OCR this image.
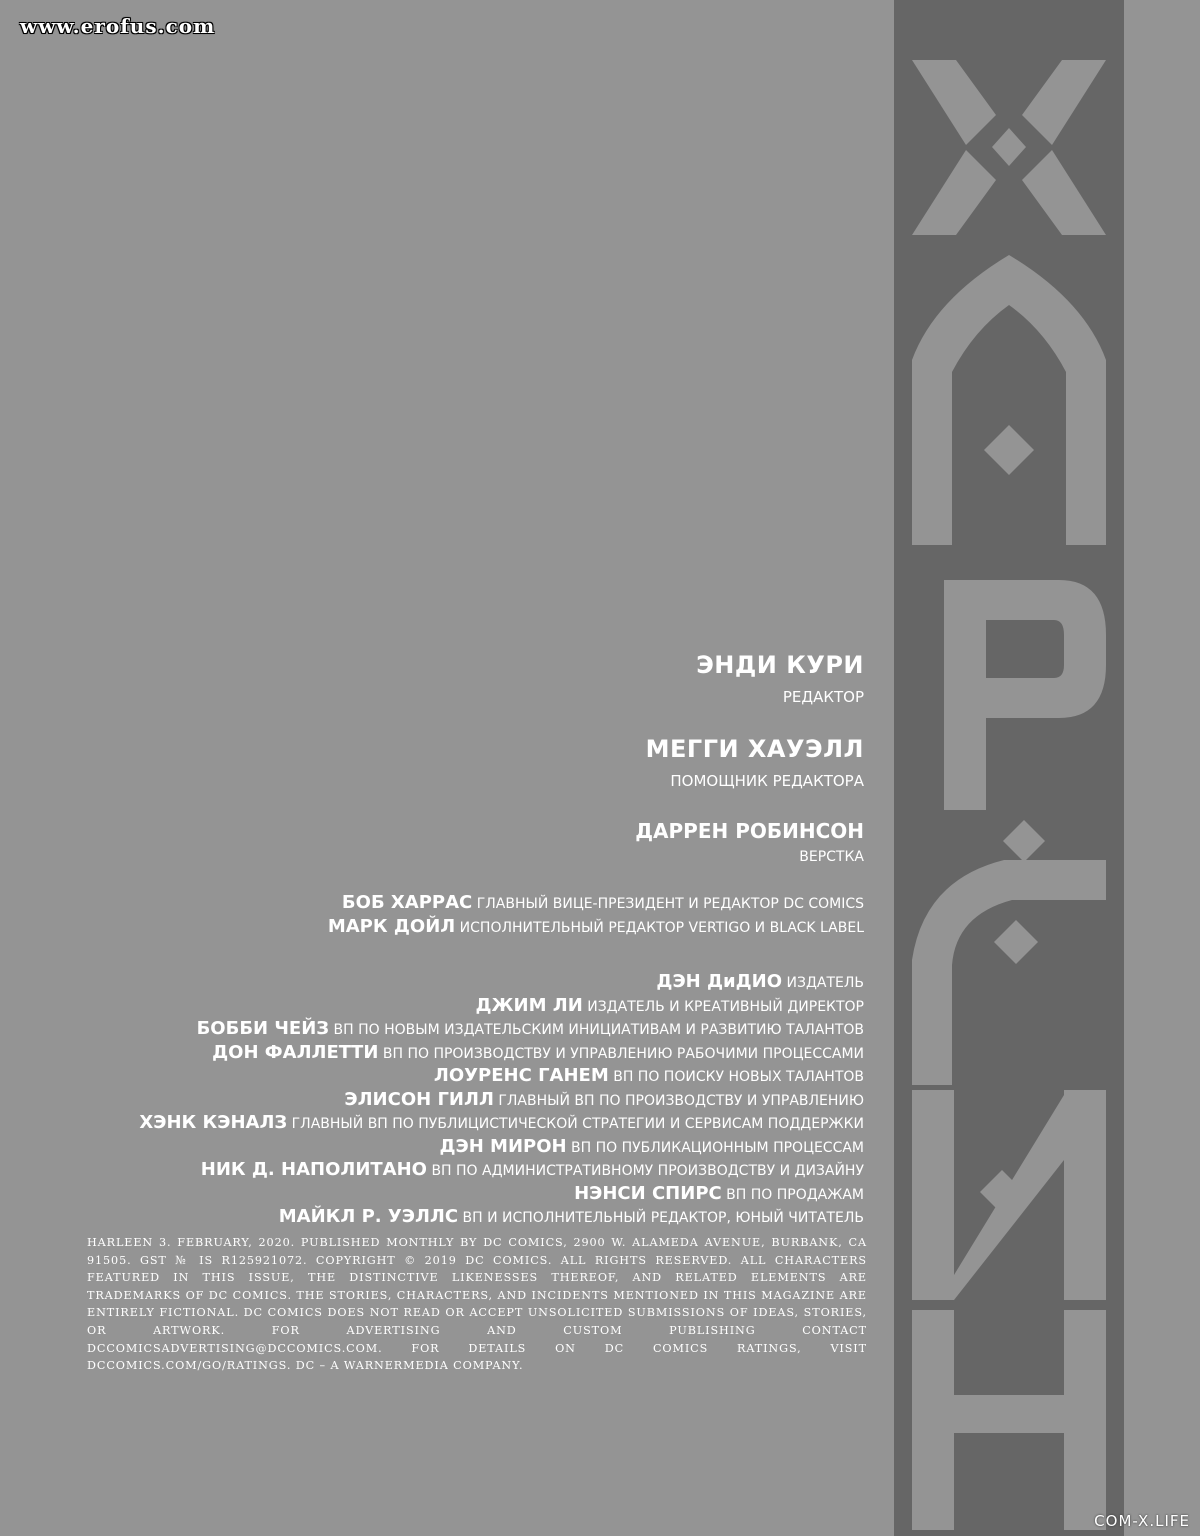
www.erofus.com
ЭНДИ КУРИ
РЕДАКТОР
МЕГГИ ХАУЭЛЛ
ПОМОЩНИК РЕДАКТОРА
ДАРРЕН РОБИНСОН
ВЕРСТКА
БОБ ХАРРАС ГЛАВНЫЙ ВИЦЕ-ПРЕЗИДЕНТ И РЕДАКТОР DC COMICS
МАРК ДОЙЛ ИСПОЛНИТЕЛЬНЫЙ РЕДАКТОР VERTIGO И BLACK LABEL
ДЭН ДиДИО ИЗДАТЕЛЬ
ДЖИМ ЛИ ИЗДАТЕЛЬ И КРЕАТИВНЫЙ ДИРЕКТОР
БОББИ ЧЕЙЗ ВП ПО НОВЫМ ИЗДАТЕЛЬСКИМ ИНИЦИАТИВАМ И РАЗВИТИЮ ТАЛАНТОВ
ДОН ФАЛЛЕТТИ ВП ПО ПРОИЗВОДСТВУ И УПРАВЛЕНИЮ РАБОЧИМИ ПРОЦЕССАМИ
ЛОУРЕНС ГАНЕМ ВП ПО ПОИСКУ НОВЫХ ТАЛАНТОВ
ЭЛИСОН ГИЛЛ ГЛАВНЫЙ ВП ПО ПРОИЗВОДСТВУ И УПРАВЛЕНИЮ
ХЭНК КЭНАЛЗ ГЛАВНЫЙ ВП ПО ПУБЛИЦИСТИЧЕСКОЙ СТРАТЕГИИ И СЕРВИСАМ ПОДДЕРЖКИ
ДЭН МИРОН ВП ПО ПУБЛИКАЦИОННЫМ ПРОЦЕССАМ
НИК Д. НАПОЛИТАНО ВП ПО АДМИНИСТРАТИВНОМУ ПРОИЗВОДСТВУ И ДИЗАЙНУ
НЭНСИ СПИРС ВП ПО ПРОДАЖАМ
МАЙКЛ Р. УЭЛЛС ВП И ИСПОЛНИТЕЛЬНЫЙ РЕДАКТОР, ЮНЫЙ ЧИТАТЕЛЬ
HARLEEN 3. FEBRUARY, 2020. PUBLISHED MONTHLY BY DC COMICS, 2900 W. ALAMEDA AVENUE, BURBANK, CA 91505. GST № IS R125921072. COPYRIGHT © 2019 DC COMICS. ALL RIGHTS RESERVED. ALL CHARACTERS FEATURED IN THIS ISSUE, THE DISTINCTIVE LIKENESSES THEREOF, AND RELATED ELEMENTS ARE TRADEMARKS OF DC COMICS. THE STORIES, CHARACTERS, AND INCIDENTS MENTIONED IN THIS MAGAZINE ARE ENTIRELY FICTIONAL. DC COMICS DOES NOT READ OR ACCEPT UNSOLICITED SUBMISSIONS OF IDEAS, STORIES, OR ARTWORK. FOR ADVERTISING AND CUSTOM PUBLISHING CONTACT DCCOMICSADVERTISING@DCCOMICS.COM. FOR DETAILS ON DC COMICS RATINGS, VISIT DCCOMICS.COM/GO/RATINGS. DC – A WARNERMEDIA COMPANY.
COM-X.LIFE
